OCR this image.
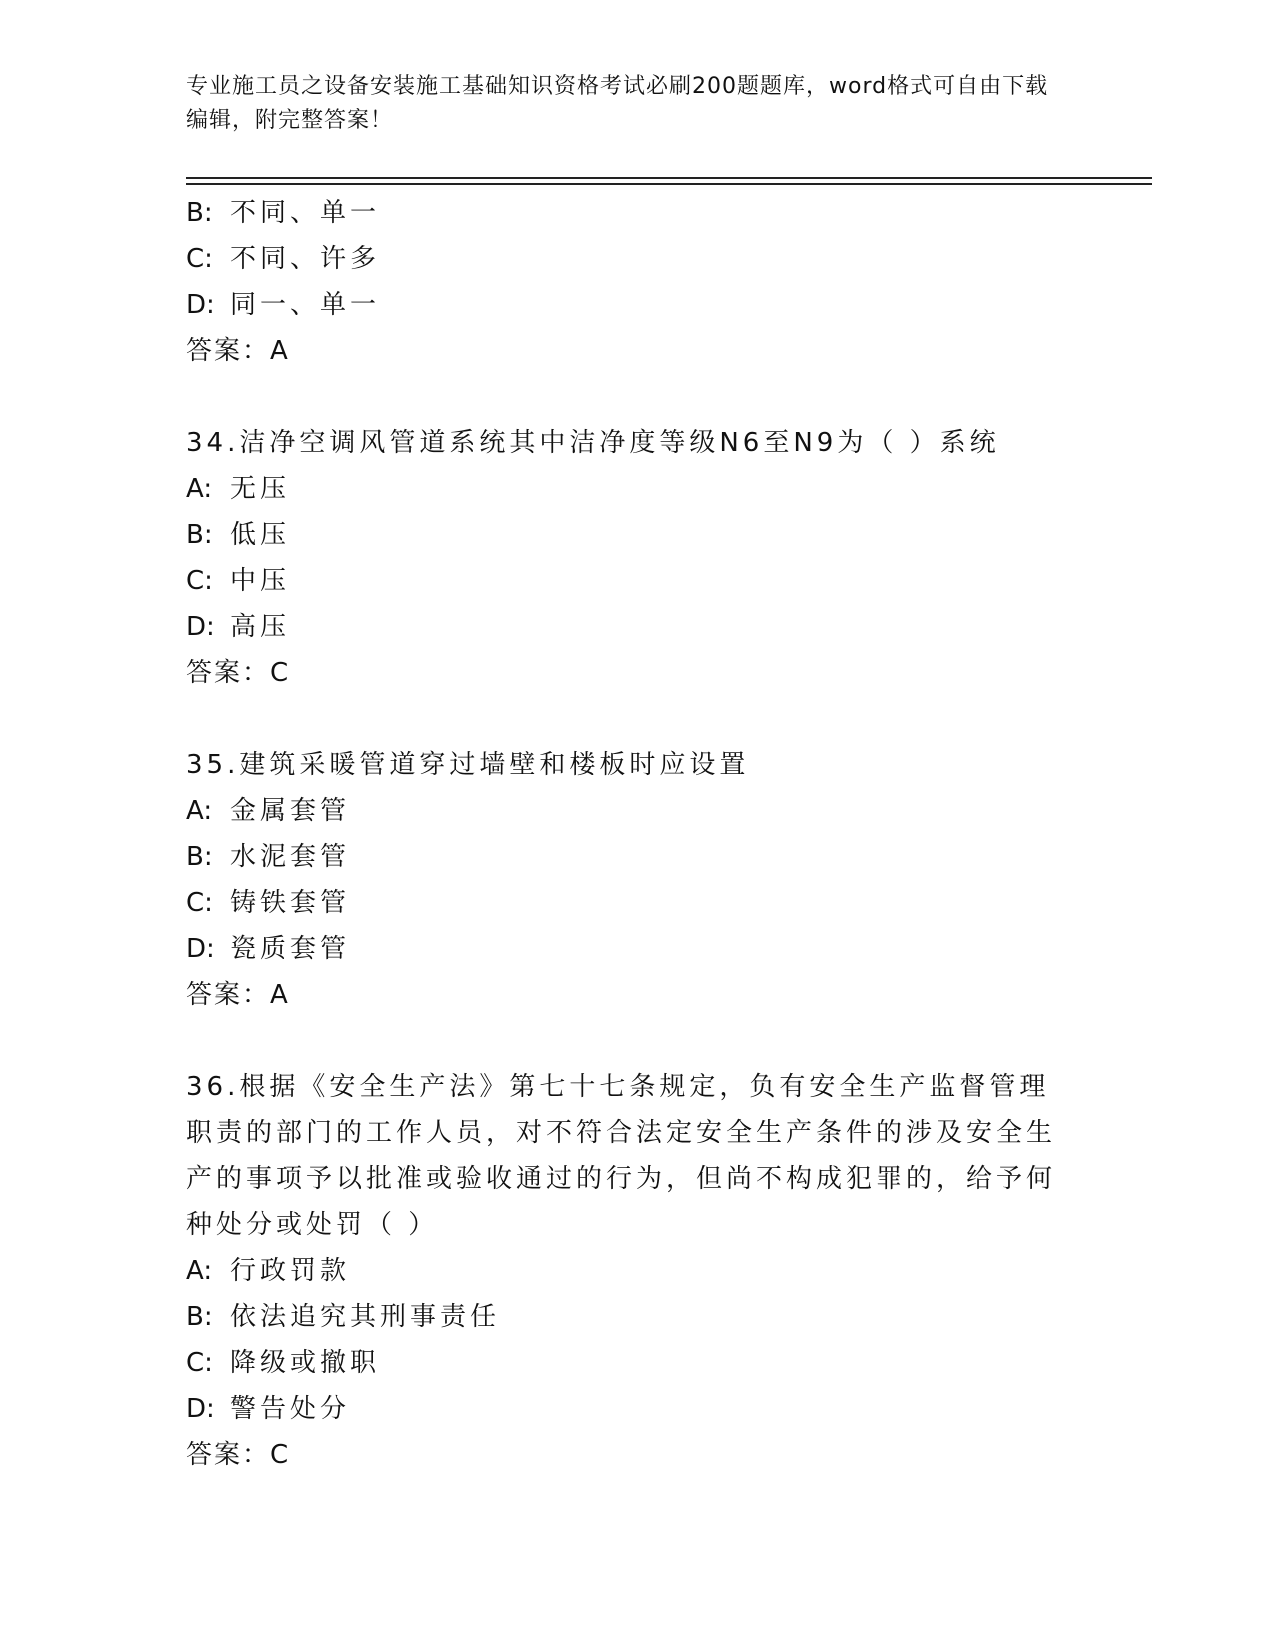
专业施工员之设备安装施工基础知识资格考试必刷200题题库，word格式可自由下载编辑，附完整答案！
B: 不同、单一
C: 不同、许多
D: 同一、单一
答案：A
34.洁净空调风管道系统其中洁净度等级N6至N9为（ ）系统
A: 无压
B: 低压
C: 中压
D: 高压
答案：C
35.建筑采暖管道穿过墙壁和楼板时应设置
A: 金属套管
B: 水泥套管
C: 铸铁套管
D: 瓷质套管
答案：A
36.根据《安全生产法》第七十七条规定，负有安全生产监督管理职责的部门的工作人员，对不符合法定安全生产条件的涉及安全生产的事项予以批准或验收通过的行为，但尚不构成犯罪的，给予何种处分或处罚（ ）
A: 行政罚款
B: 依法追究其刑事责任
C: 降级或撤职
D: 警告处分
答案：C
